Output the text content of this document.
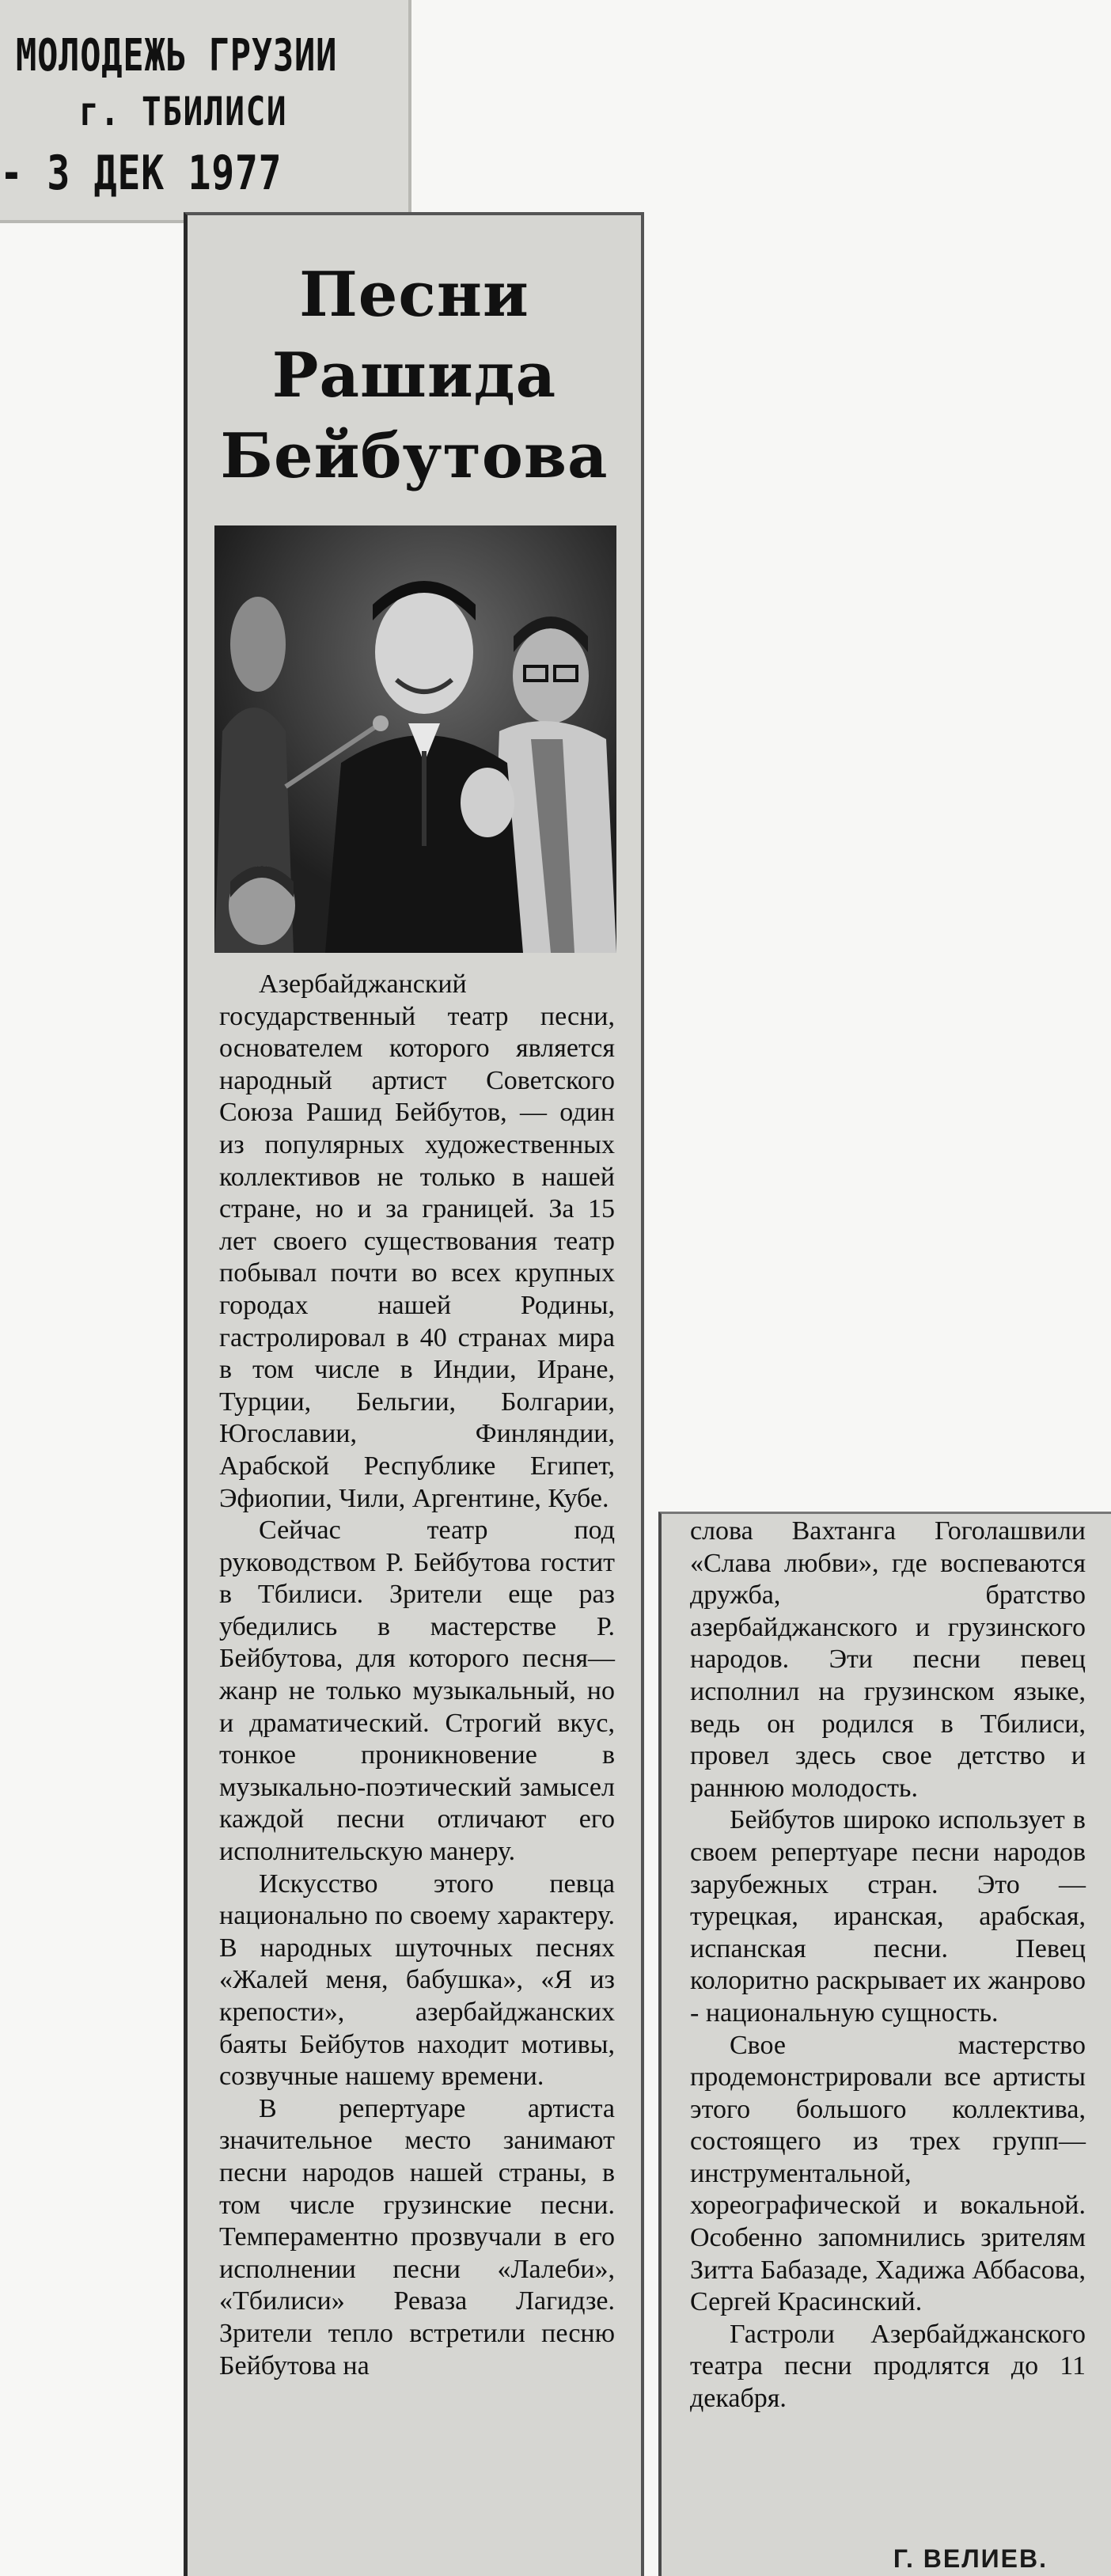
МОЛОДЕЖЬ ГРУЗИИ
г. ТБИЛИСИ
- 3 ДЕК 1977
Песни
Рашида
Бейбутова

Азербайджанский государственный театр песни, основателем которого является народный артист Советского Союза Рашид Бейбутов, — один из популярных художественных коллективов не только в нашей стране, но и за границей. За 15 лет своего существования театр побывал почти во всех крупных городах нашей Родины, гастролировал в 40 странах мира в том числе в Индии, Иране, Турции, Бельгии, Болгарии, Югославии, Финляндии, Арабской Республике Египет, Эфиопии, Чили, Аргентине, Кубе.

Сейчас театр под руководством Р. Бейбутова гостит в Тбилиси. Зрители еще раз убедились в мастерстве Р. Бейбутова, для которого песня—жанр не только музыкальный, но и драматический. Строгий вкус, тонкое проникновение в музыкально-поэтический замысел каждой песни отличают его исполнительскую манеру.

Искусство этого певца национально по своему характеру. В народных шуточных песнях «Жалей меня, бабушка», «Я из крепости», азербайджанских баяты Бейбутов находит мотивы, созвучные нашему времени.

В репертуаре артиста значительное место занимают песни народов нашей страны, в том числе грузинские песни. Темпераментно прозвучали в его исполнении песни «Лалеби», «Тбилиси» Реваза Лагидзе. Зрители тепло встретили песню Бейбутова на

слова Вахтанга Гоголашвили «Слава любви», где воспеваются дружба, братство азербайджанского и грузинского народов. Эти песни певец исполнил на грузинском языке, ведь он родился в Тбилиси, провел здесь свое детство и раннюю молодость.

Бейбутов широко использует в своем репертуаре песни народов зарубежных стран. Это —турецкая, иранская, арабская, испанская песни. Певец колоритно раскрывает их жанрово - национальную сущность.

Свое мастерство продемонстрировали все артисты этого большого коллектива, состоящего из трех групп—инструментальной, хореографической и вокальной. Особенно запомнились зрителям Зитта Бабазаде, Хадижа Аббасова, Сергей Красинский.

Гастроли Азербайджанского театра песни продлятся до 11 декабря.

Г. ВЕЛИЕВ.
